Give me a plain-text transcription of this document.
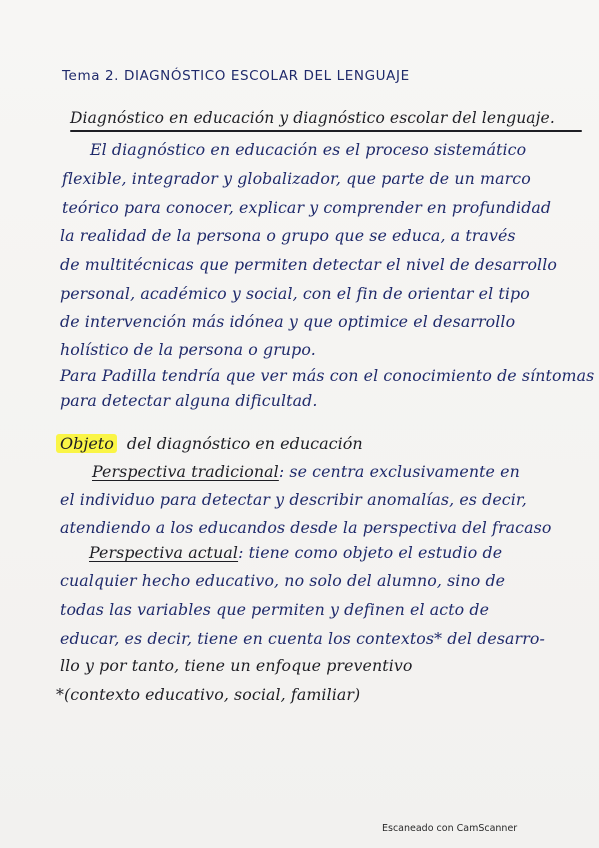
Tema 2. DIAGNÓSTICO ESCOLAR DEL LENGUAJE
Diagnóstico en educación y diagnóstico escolar del lenguaje.
El diagnóstico en educación es el proceso sistemático
flexible, integrador y globalizador, que parte de un marco
teórico para conocer, explicar y comprender en profundidad
la realidad de la persona o grupo que se educa, a través
de multitécnicas que permiten detectar el nivel de desarrollo
personal, académico y social, con el fin de orientar el tipo
de intervención más idónea y que optimice el desarrollo
holístico de la persona o grupo.
Para Padilla tendría que ver más con el conocimiento de síntomas
para detectar alguna dificultad.
Objeto del diagnóstico en educación
Perspectiva tradicional: se centra exclusivamente en
el individuo para detectar y describir anomalías, es decir,
atendiendo a los educandos desde la perspectiva del fracaso
Perspectiva actual: tiene como objeto el estudio de
cualquier hecho educativo, no solo del alumno, sino de
todas las variables que permiten y definen el acto de
educar, es decir, tiene en cuenta los contextos* del desarro-
llo y por tanto, tiene un enfoque preventivo
*(contexto educativo, social, familiar)
Escaneado con CamScanner
